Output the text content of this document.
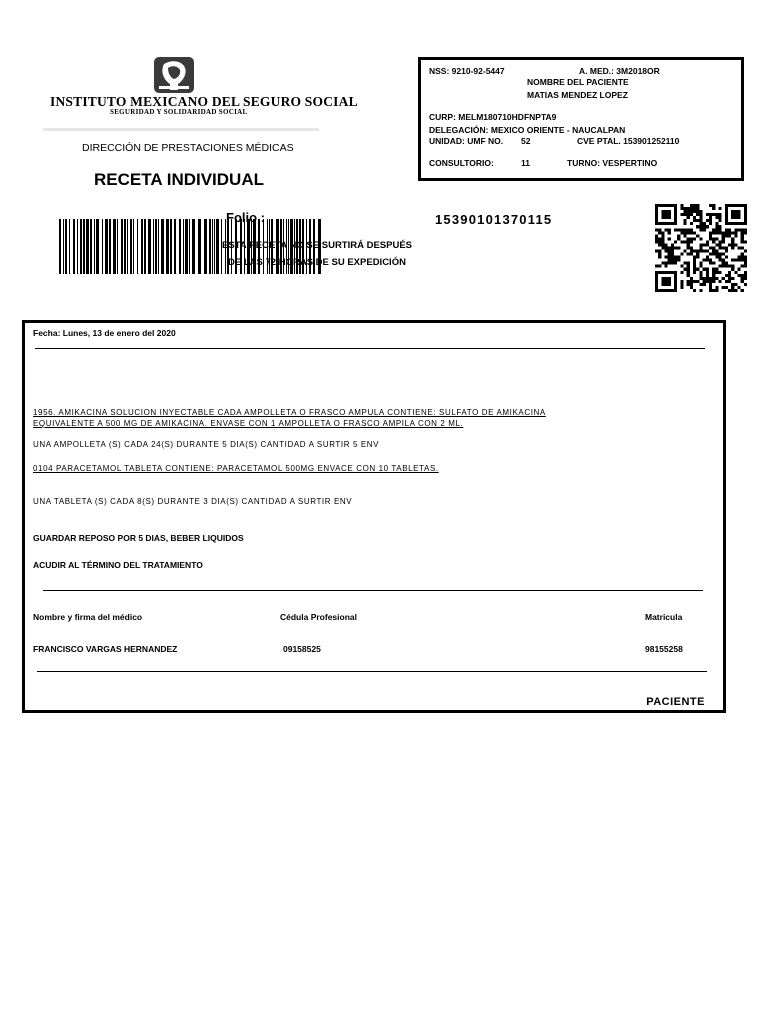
INSTITUTO MEXICANO DEL SEGURO SOCIAL
SEGURIDAD Y SOLIDARIDAD SOCIAL
DIRECCIÓN DE PRESTACIONES MÉDICAS
RECETA INDIVIDUAL
Folio :
ESTA RECETA NO SE SURTIRÁ DESPUÉS
DE LAS 72 HORAS DE SU EXPEDICIÓN
15390101370115
NSS: 9210-92-5447	A. MED.: 3M2018OR
NOMBRE DEL PACIENTE
MATIAS MENDEZ LOPEZ
CURP: MELM180710HDFNPTA9
DELEGACIÓN: MEXICO ORIENTE - NAUCALPAN
UNIDAD: UMF NO. 52	CVE PTAL. 153901252110
CONSULTORIO:	11	TURNO: VESPERTINO
Fecha: Lunes, 13 de enero del 2020
1956. AMIKACINA SOLUCION INYECTABLE CADA AMPOLLETA O FRASCO AMPULA CONTIENE: SULFATO DE AMIKACINA
EQUIVALENTE A 500 MG DE AMIKACINA. ENVASE CON 1 AMPOLLETA O FRASCO AMPILA CON 2 ML.
UNA AMPOLLETA (S) CADA 24(S) DURANTE 5 DIA(S) CANTIDAD A SURTIR 5 ENV
0104 PARACETAMOL TABLETA CONTIENE: PARACETAMOL 500MG ENVACE CON 10 TABLETAS.
UNA TABLETA (S) CADA 8(S) DURANTE 3 DIA(S) CANTIDAD A SURTIR ENV
GUARDAR REPOSO POR 5 DIAS, BEBER LIQUIDOS
ACUDIR AL TÉRMINO DEL TRATAMIENTO
Nombre y firma del médico	Cédula Profesional	Matricula
FRANCISCO VARGAS HERNANDEZ	09158525	98155258
PACIENTE
